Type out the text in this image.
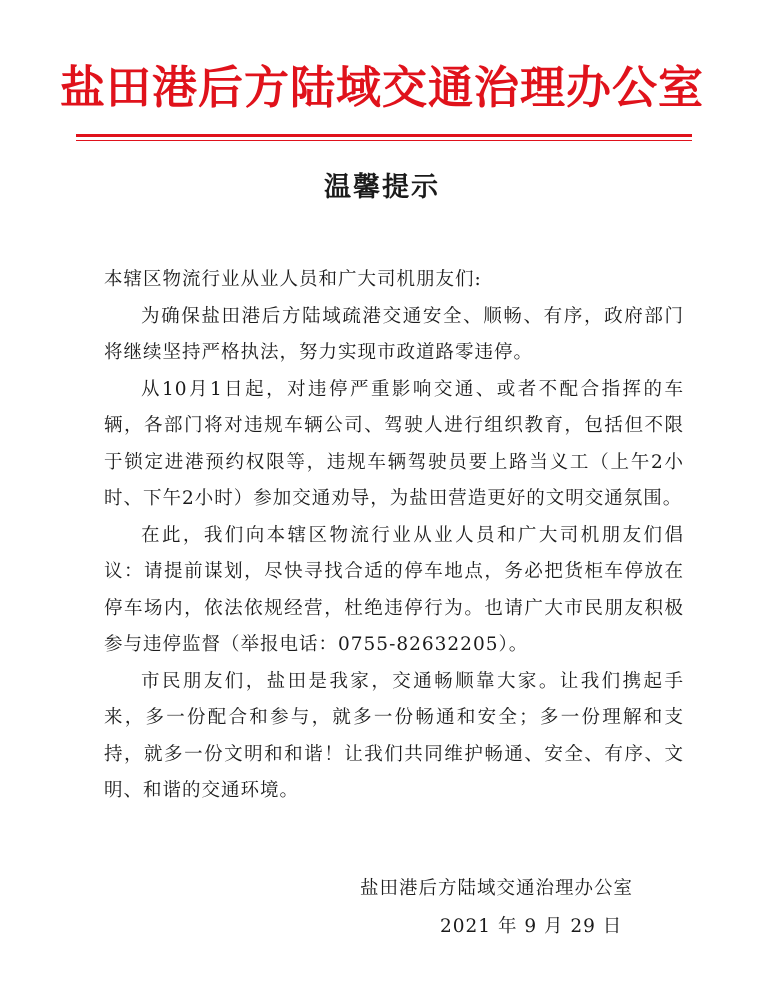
盐田港后方陆域交通治理办公室
温馨提示

本辖区物流行业从业人员和广大司机朋友们:

为确保盐田港后方陆域疏港交通安全、顺畅、有序，政府部门将继续坚持严格执法，努力实现市政道路零违停。

从10月1日起，对违停严重影响交通、或者不配合指挥的车辆，各部门将对违规车辆公司、驾驶人进行组织教育，包括但不限于锁定进港预约权限等，违规车辆驾驶员要上路当义工（上午2小时、下午2小时）参加交通劝导，为盐田营造更好的文明交通氛围。

在此，我们向本辖区物流行业从业人员和广大司机朋友们倡议：请提前谋划，尽快寻找合适的停车地点，务必把货柜车停放在停车场内，依法依规经营，杜绝违停行为。也请广大市民朋友积极参与违停监督（举报电话：0755-82632205）。

市民朋友们，盐田是我家，交通畅顺靠大家。让我们携起手来，多一份配合和参与，就多一份畅通和安全；多一份理解和支持，就多一份文明和和谐！让我们共同维护畅通、安全、有序、文明、和谐的交通环境。

盐田港后方陆域交通治理办公室
2021 年 9 月 29 日
